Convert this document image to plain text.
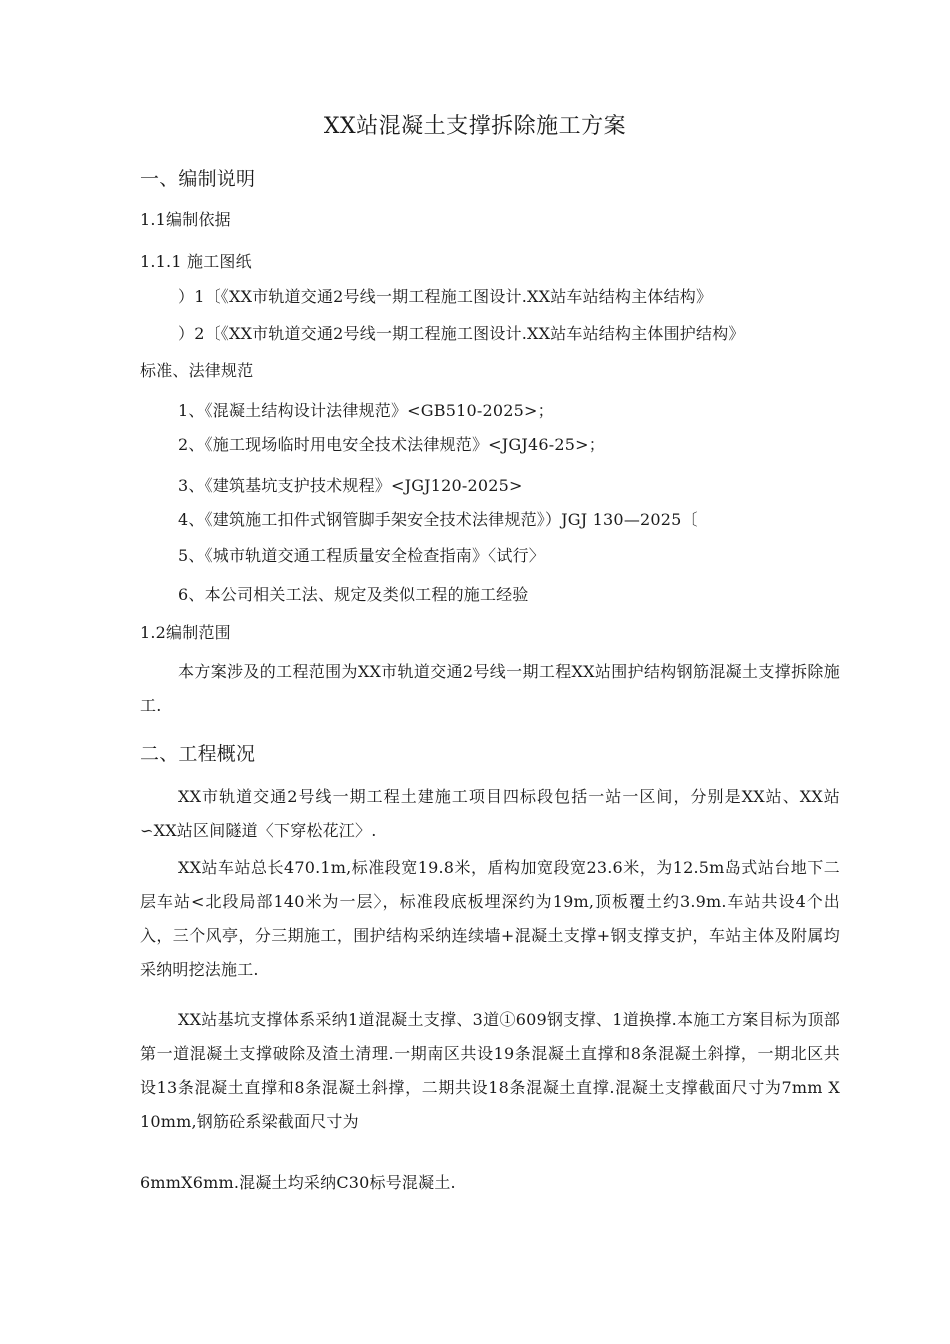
XX站混凝土支撑拆除施工方案
一、编制说明
1.1编制依据
1.1.1 施工图纸
）1〔《XX市轨道交通2号线一期工程施工图设计.XX站车站结构主体结构》
）2〔《XX市轨道交通2号线一期工程施工图设计.XX站车站结构主体围护结构》
标准、法律规范
1、《混凝土结构设计法律规范》<GB510-2025>；
2、《施工现场临时用电安全技术法律规范》<JGJ46-25>；
3、《建筑基坑支护技术规程》<JGJ120-2025>
4、《建筑施工扣件式钢管脚手架安全技术法律规范》）JGJ 130—2025〔
5、《城市轨道交通工程质量安全检查指南》〈试行〉
6、本公司相关工法、规定及类似工程的施工经验
1.2编制范围
本方案涉及的工程范围为XX市轨道交通2号线一期工程XX站围护结构钢筋混凝土支撑拆除施工.
二、工程概况
XX市轨道交通2号线一期工程土建施工项目四标段包括一站一区间，分别是XX站、XX站∽XX站区间隧道〈下穿松花江〉.
XX站车站总长470.1m,标准段宽19.8米，盾构加宽段宽23.6米，为12.5m岛式站台地下二层车站<北段局部140米为一层〉，标准段底板埋深约为19m,顶板覆土约3.9m.车站共设4个出入，三个风亭，分三期施工，围护结构采纳连续墙+混凝土支撑+钢支撑支护，车站主体及附属均采纳明挖法施工.
XX站基坑支撑体系采纳1道混凝土支撑、3道①609钢支撑、1道换撑.本施工方案目标为顶部第一道混凝土支撑破除及渣土清理.一期南区共设19条混凝土直撑和8条混凝土斜撑，一期北区共设13条混凝土直撑和8条混凝土斜撑，二期共设18条混凝土直撑.混凝土支撑截面尺寸为7mm X 10mm,钢筋砼系梁截面尺寸为
6mmX6mm.混凝土均采纳C30标号混凝土.
